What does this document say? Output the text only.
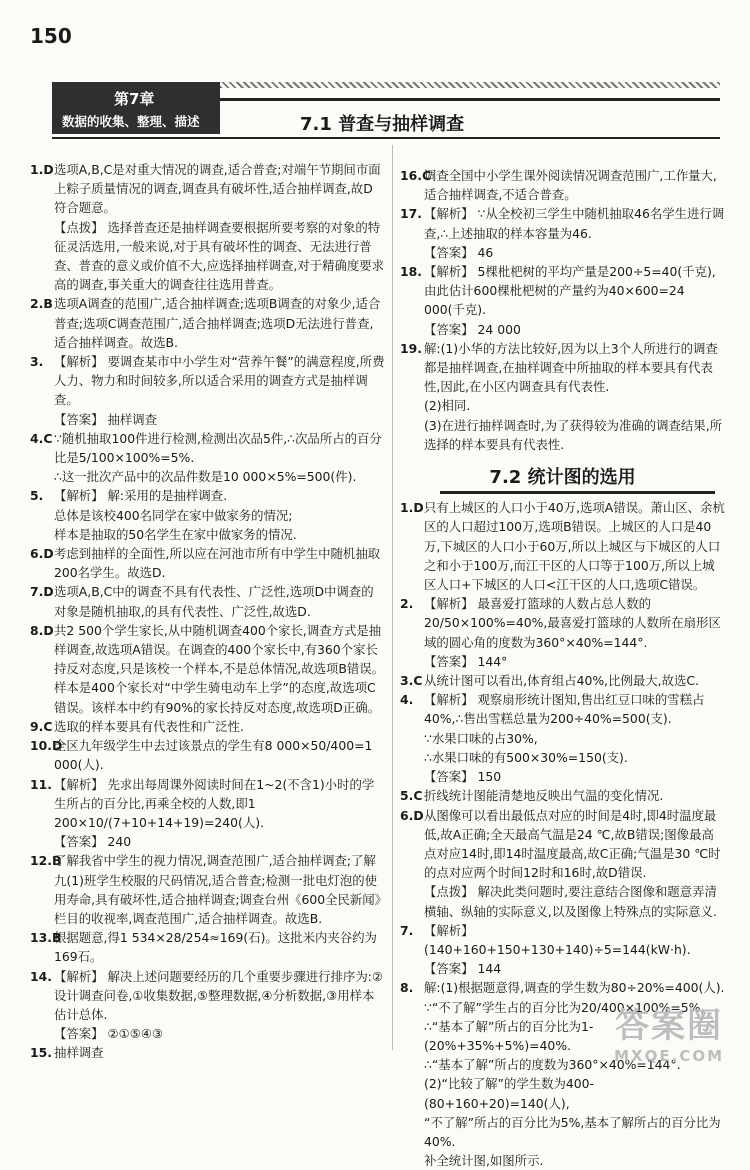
150
第7章
数据的收集、整理、描述	7.1 普查与抽样调查
1.D选项A,B,C是对重大情况的调查,适合普查;对端午节期间市面上粽子质量情况的调查,调查具有破坏性,适合抽样调查,故D符合题意。
【点拨】 选择普查还是抽样调查要根据所要考察的对象的特征灵活选用,一般来说,对于具有破坏性的调查、无法进行普查、普查的意义或价值不大,应选择抽样调查,对于精确度要求高的调查,事关重大的调查往往选用普查。
2.B选项A调查的范围广,适合抽样调查;选项B调查的对象少,适合普查;选项C调查范围广,适合抽样调查;选项D无法进行普查,适合抽样调查。故选B.
3. 【解析】 要调查某市中小学生对“营养午餐”的满意程度,所费人力、物力和时间较多,所以适合采用的调查方式是抽样调查。
【答案】 抽样调查
4.C ∵随机抽取100件进行检测,检测出次品5件,∴次品所占的百分比是5/100×100%=5%.
∴这一批次产品中的次品件数是10 000×5%=500(件).
5. 【解析】 解:采用的是抽样调查.
总体是该校400名同学在家中做家务的情况;
样本是抽取的50名学生在家中做家务的情况.
6.D考虑到抽样的全面性,所以应在河池市所有中学生中随机抽取200名学生。故选D.
7.D选项A,B,C中的调查不具有代表性、广泛性,选项D中调查的对象是随机抽取,的具有代表性、广泛性,故选D.
8.D共2 500个学生家长,从中随机调查400个家长,调查方式是抽样调查,故选项A错误。在调查的400个家长中,有360个家长持反对态度,只是该校一个样本,不是总体情况,故选项B错误。样本是400个家长对“中学生骑电动车上学”的态度,故选项C错误。该样本中约有90%的家长持反对态度,故选项D正确。
9.C 选取的样本要具有代表性和广泛性.
10.D全区九年级学生中去过该景点的学生有8 000×50/400=1 000(人).
11. 【解析】 先求出每周课外阅读时间在1~2(不含1)小时的学生所占的百分比,再乘全校的人数,即1 200×10/(7+10+14+19)=240(人).
【答案】 240
12.B了解我省中学生的视力情况,调查范围广,适合抽样调查;了解九(1)班学生校服的尺码情况,适合普查;检测一批电灯泡的使用寿命,具有破坏性,适合抽样调查;调查台州《600全民新闻》栏目的收视率,调查范围广,适合抽样调查。故选B.
13.B根据题意,得1 534×28/254≈169(石)。这批米内夹谷约为169石。
14. 【解析】 解决上述问题要经历的几个重要步骤进行排序为:②设计调查问卷,①收集数据,⑤整理数据,④分析数据,③用样本估计总体.
【答案】 ②①⑤④③
15. 抽样调查
16.C调查全国中小学生课外阅读情况调查范围广,工作量大,适合抽样调查,不适合普查。
17. 【解析】 ∵从全校初三学生中随机抽取46名学生进行调查,∴上述抽取的样本容量为46.
【答案】 46
18. 【解析】 5棵枇杷树的平均产量是200÷5=40(千克),由此估计600棵枇杷树的产量约为40×600=24 000(千克).
【答案】 24 000
19. 解:(1)小华的方法比较好,因为以上3个人所进行的调查都是抽样调查,在抽样调查中所抽取的样本要具有代表性,因此,在小区内调查具有代表性.
(2)相同.
(3)在进行抽样调查时,为了获得较为准确的调查结果,所选择的样本要具有代表性.
7.2 统计图的选用
1.D只有上城区的人口小于40万,选项A错误。萧山区、余杭区的人口超过100万,选项B错误。上城区的人口是40万,下城区的人口小于60万,所以上城区与下城区的人口之和小于100万,而江干区的人口等于100万,所以上城区人口+下城区的人口<江干区的人口,选项C错误。
2. 【解析】 最喜爱打篮球的人数占总人数的20/50×100%=40%,最喜爱打篮球的人数所在扇形区域的圆心角的度数为360°×40%=144°.
【答案】 144°
3.C 从统计图可以看出,体育组占40%,比例最大,故选C.
4. 【解析】 观察扇形统计图知,售出红豆口味的雪糕占40%,∴售出雪糕总量为200÷40%=500(支).
∵水果口味的占30%,
∴水果口味的有500×30%=150(支).
【答案】 150
5.C 折线统计图能清楚地反映出气温的变化情况.
6.D从图像可以看出最低点对应的时间是4时,即4时温度最低,故A正确;全天最高气温是24 ℃,故B错误;图像最高点对应14时,即14时温度最高,故C正确;气温是30 ℃时的点对应两个时间12时和16时,故D错误.
【点拨】 解决此类问题时,要注意结合图像和题意弄清横轴、纵轴的实际意义,以及图像上特殊点的实际意义.
7. 【解析】 (140+160+150+130+140)÷5=144(kW·h).
【答案】 144
8. 解:(1)根据题意得,调查的学生数为80÷20%=400(人).
∵“不了解”学生占的百分比为20/400×100%=5%,
∴“基本了解”所占的百分比为1-(20%+35%+5%)=40%.
∴“基本了解”所占的度数为360°×40%=144°.
(2)“比较了解”的学生数为400-(80+160+20)=140(人),
“不了解”所占的百分比为5%,基本了解所占的百分比为40%.
补全统计图,如图所示.
答案圈
MXQE.COM
